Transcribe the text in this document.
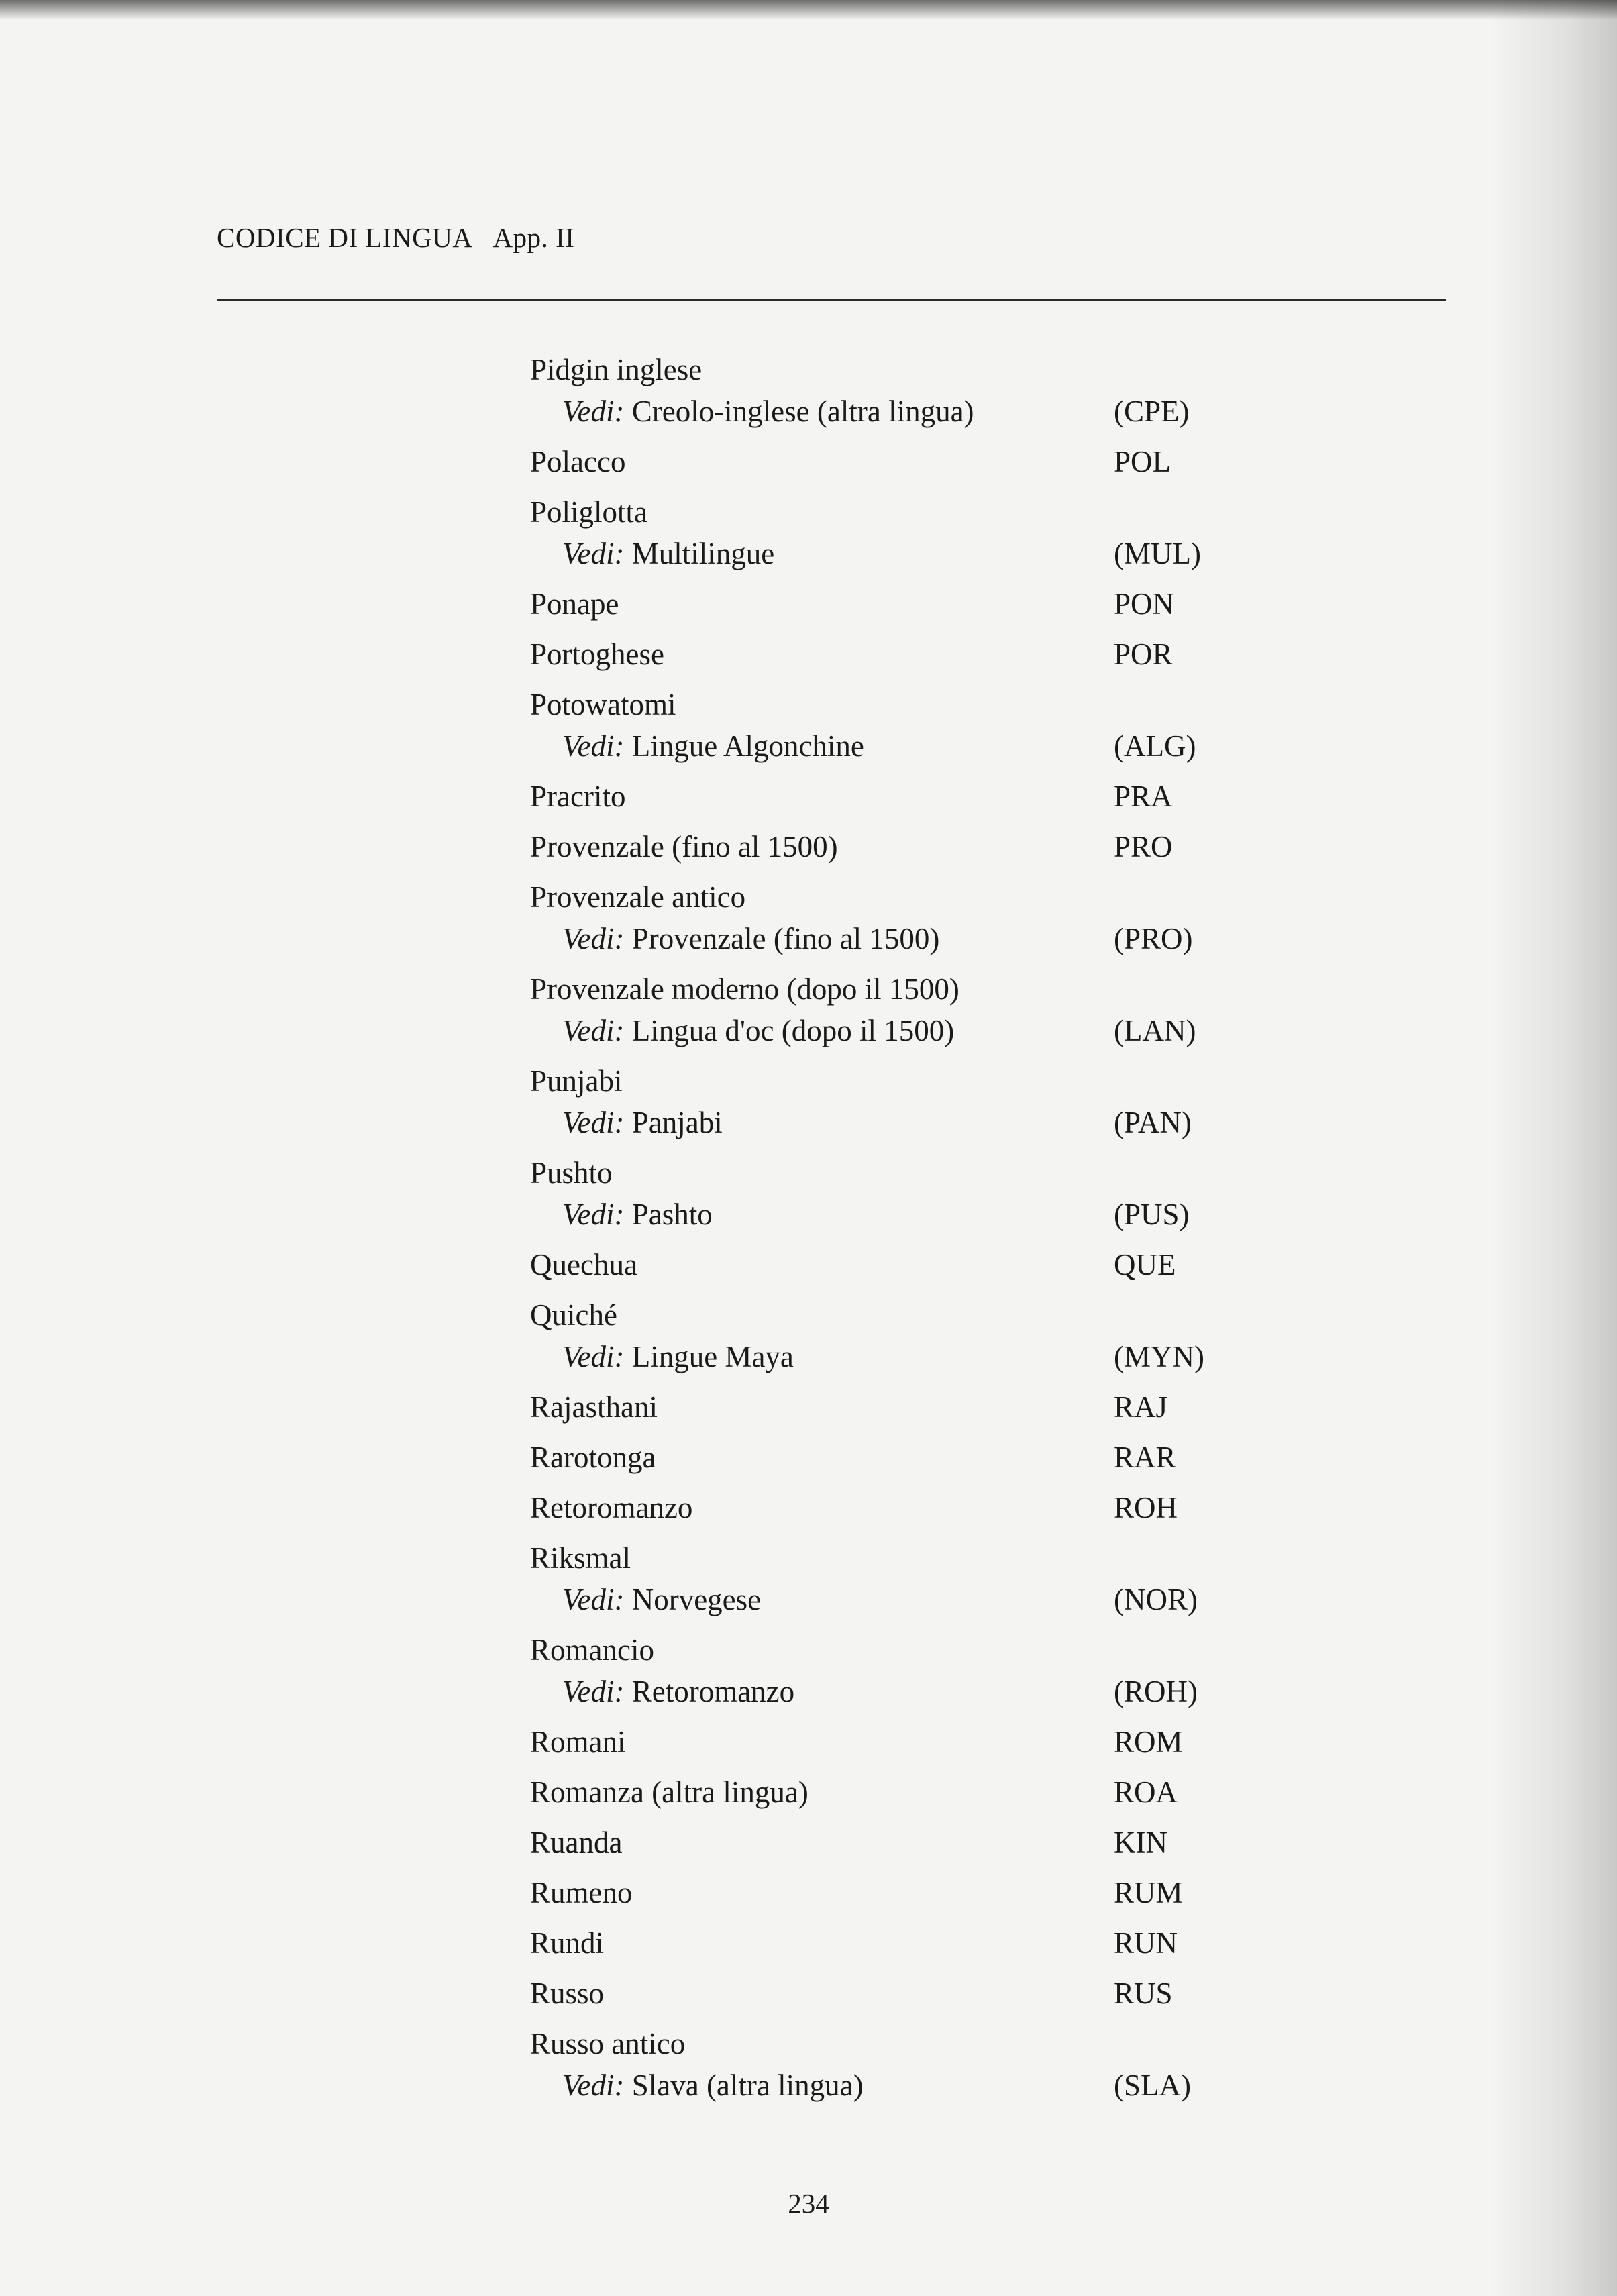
CODICE DI LINGUA App. II
Pidgin inglese
Vedi: Creolo-inglese (altra lingua)	(CPE)
Polacco	POL
Poliglotta
Vedi: Multilingue	(MUL)
Ponape	PON
Portoghese	POR
Potowatomi
Vedi: Lingue Algonchine	(ALG)
Pracrito	PRA
Provenzale (fino al 1500)	PRO
Provenzale antico
Vedi: Provenzale (fino al 1500)	(PRO)
Provenzale moderno (dopo il 1500)
Vedi: Lingua d'oc (dopo il 1500)	(LAN)
Punjabi
Vedi: Panjabi	(PAN)
Pushto
Vedi: Pashto	(PUS)
Quechua	QUE
Quiché
Vedi: Lingue Maya	(MYN)
Rajasthani	RAJ
Rarotonga	RAR
Retoromanzo	ROH
Riksmal
Vedi: Norvegese	(NOR)
Romancio
Vedi: Retoromanzo	(ROH)
Romani	ROM
Romanza (altra lingua)	ROA
Ruanda	KIN
Rumeno	RUM
Rundi	RUN
Russo	RUS
Russo antico
Vedi: Slava (altra lingua)	(SLA)
234
